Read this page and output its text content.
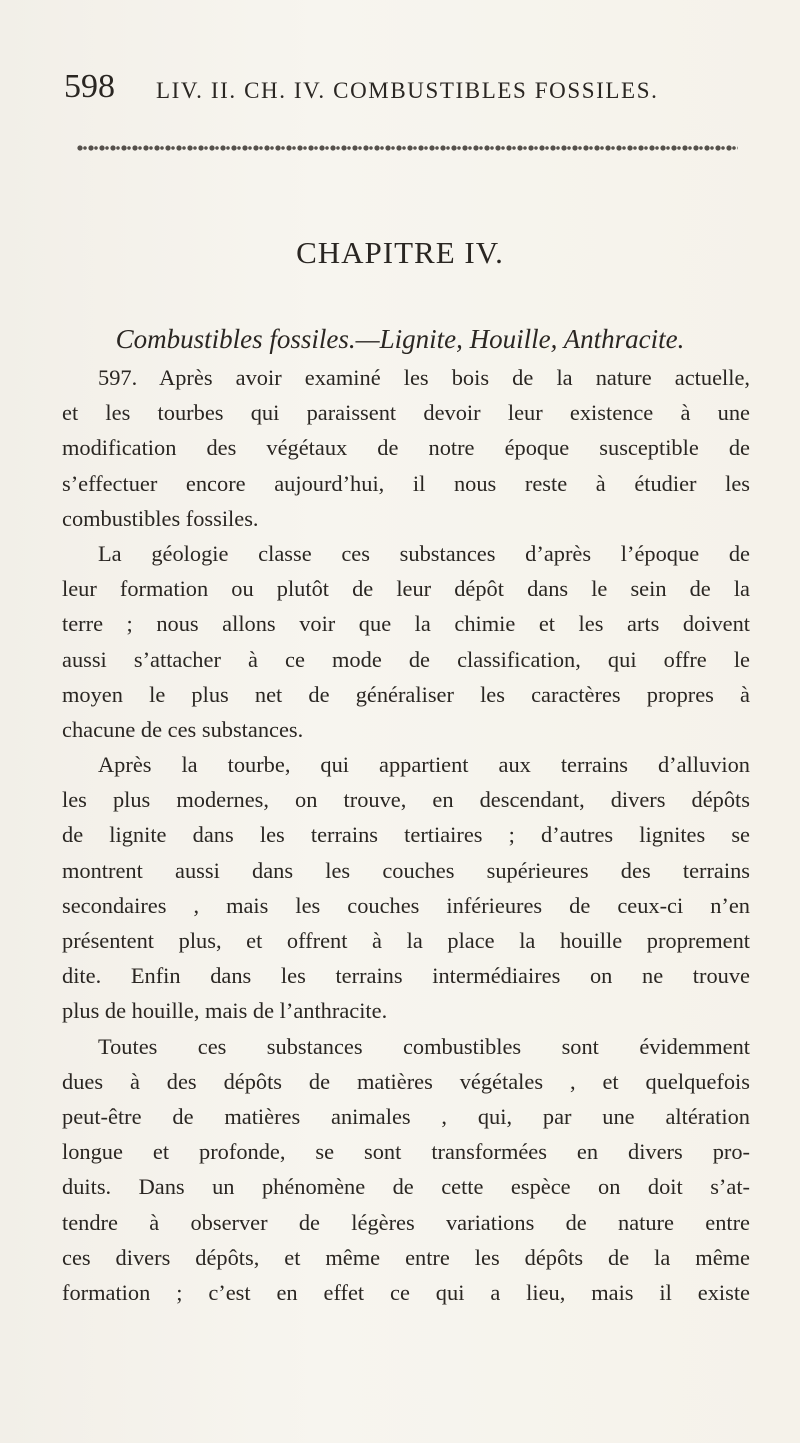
598 LIV. II. CH. IV. COMBUSTIBLES FOSSILES.
CHAPITRE IV.
Combustibles fossiles.—Lignite, Houille, Anthracite.
597. Après avoir examiné les bois de la nature actuelle,
et les tourbes qui paraissent devoir leur existence à une
modification des végétaux de notre époque susceptible de
s’effectuer encore aujourd’hui, il nous reste à étudier les
combustibles fossiles.
La géologie classe ces substances d’après l’époque de
leur formation ou plutôt de leur dépôt dans le sein de la
terre ; nous allons voir que la chimie et les arts doivent
aussi s’attacher à ce mode de classification, qui offre le
moyen le plus net de généraliser les caractères propres à
chacune de ces substances.
Après la tourbe, qui appartient aux terrains d’alluvion
les plus modernes, on trouve, en descendant, divers dépôts
de lignite dans les terrains tertiaires ; d’autres lignites se
montrent aussi dans les couches supérieures des terrains
secondaires , mais les couches inférieures de ceux-ci n’en
présentent plus, et offrent à la place la houille proprement
dite. Enfin dans les terrains intermédiaires on ne trouve
plus de houille, mais de l’anthracite.
Toutes ces substances combustibles sont évidemment
dues à des dépôts de matières végétales , et quelquefois
peut-être de matières animales , qui, par une altération
longue et profonde, se sont transformées en divers pro-
duits. Dans un phénomène de cette espèce on doit s’at-
tendre à observer de légères variations de nature entre
ces divers dépôts, et même entre les dépôts de la même
formation ; c’est en effet ce qui a lieu, mais il existe
